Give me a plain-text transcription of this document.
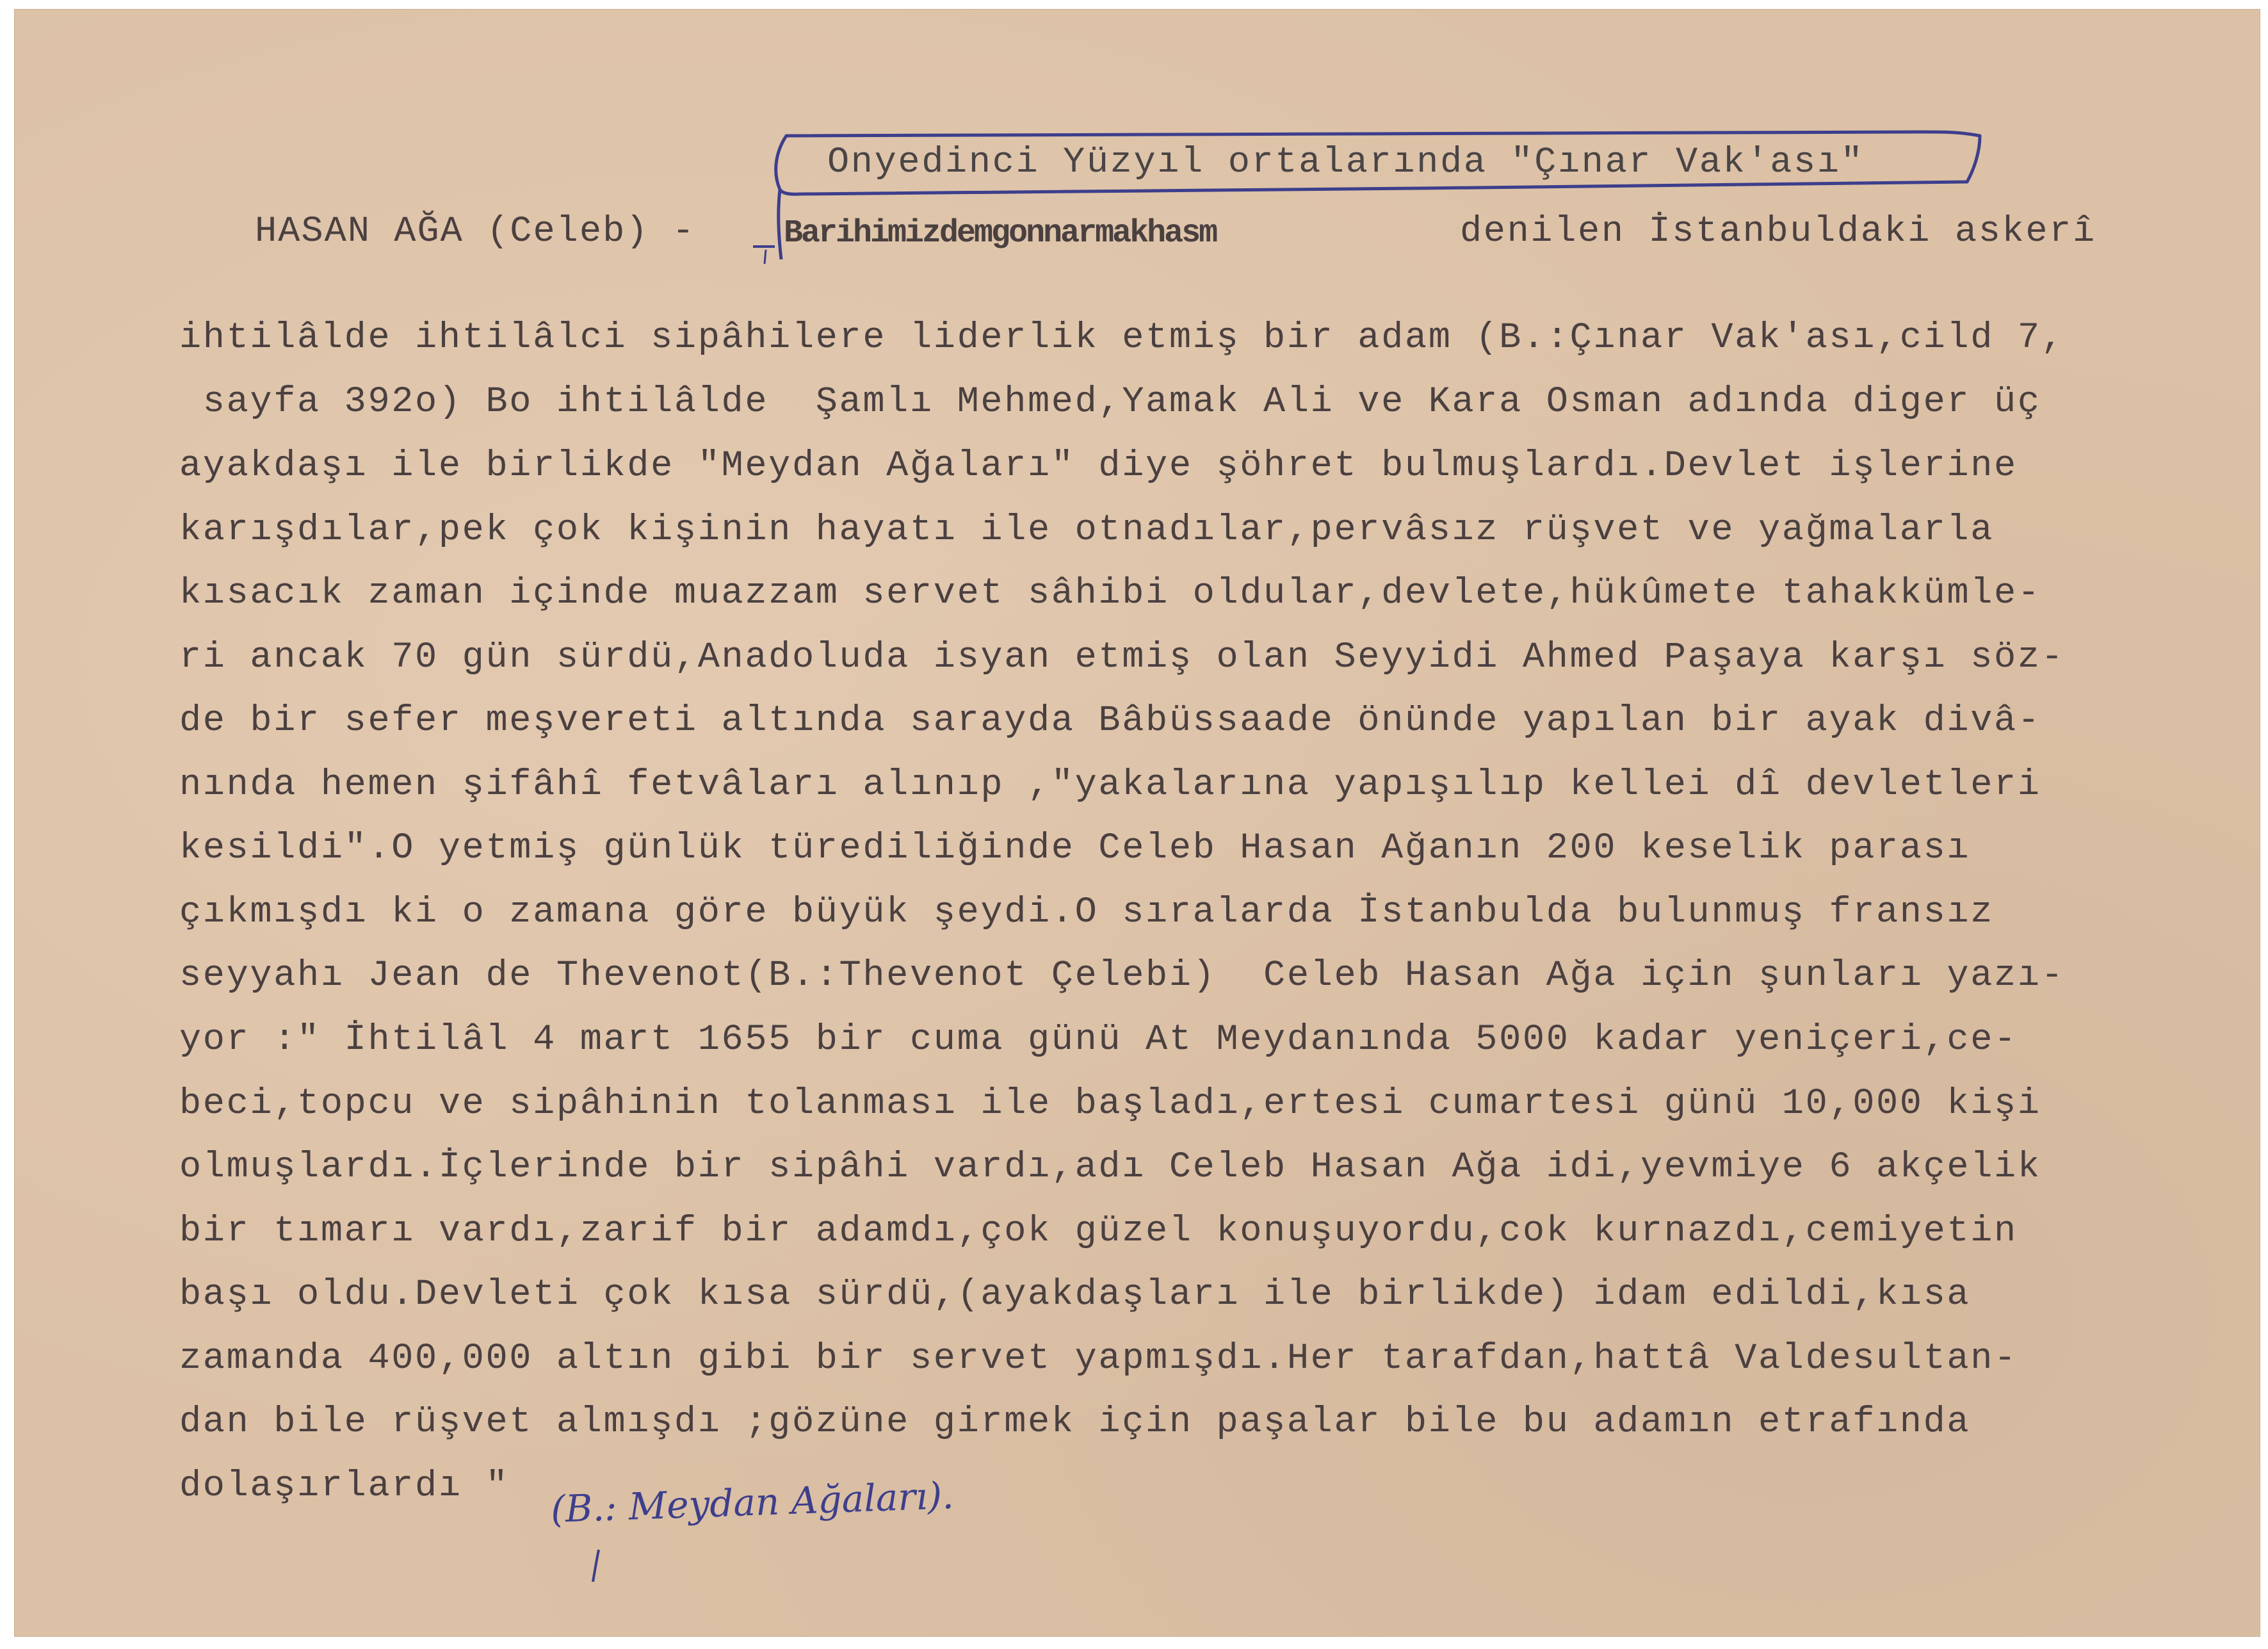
Onyedinci Yüzyıl ortalarında "Çınar Vak'ası"
HASAN AĞA (Celeb) -	Barihimizdemgonnarmakhasm	denilen İstanbuldaki askerî
ihtilâlde ihtilâlci sipâhilere liderlik etmiş bir adam (B.:Çınar Vak'ası,cild 7,
sayfa 392o) Bo ihtilâlde  Şamlı Mehmed,Yamak Ali ve Kara Osman adında diger üç
ayakdaşı ile birlikde "Meydan Ağaları" diye şöhret bulmuşlardı.Devlet işlerine
karışdılar,pek çok kişinin hayatı ile otnadılar,pervâsız rüşvet ve yağmalarla
kısacık zaman içinde muazzam servet sâhibi oldular,devlete,hükûmete tahakkümle-
ri ancak 70 gün sürdü,Anadoluda isyan etmiş olan Seyyidi Ahmed Paşaya karşı söz-
de bir sefer meşvereti altında sarayda Bâbüssaade önünde yapılan bir ayak divâ-
nında hemen şifâhî fetvâları alınıp ,"yakalarına yapışılıp kellei dî devletleri
kesildi".O yetmiş günlük türediliğinde Celeb Hasan Ağanın 200 keselik parası
çıkmışdı ki o zamana göre büyük şeydi.O sıralarda İstanbulda bulunmuş fransız
seyyahı Jean de Thevenot(B.:Thevenot Çelebi)  Celeb Hasan Ağa için şunları yazı-
yor :" İhtilâl 4 mart 1655 bir cuma günü At Meydanında 5000 kadar yeniçeri,ce-
beci,topcu ve sipâhinin tolanması ile başladı,ertesi cumartesi günü 10,000 kişi
olmuşlardı.İçlerinde bir sipâhi vardı,adı Celeb Hasan Ağa idi,yevmiye 6 akçelik
bir tımarı vardı,zarif bir adamdı,çok güzel konuşuyordu,cok kurnazdı,cemiyetin
başı oldu.Devleti çok kısa sürdü,(ayakdaşları ile birlikde) idam edildi,kısa
zamanda 400,000 altın gibi bir servet yapmışdı.Her tarafdan,hattâ Valdesultan-
dan bile rüşvet almışdı ;gözüne girmek için paşalar bile bu adamın etrafında
dolaşırlardı " (B.: Meydan Ağaları).
